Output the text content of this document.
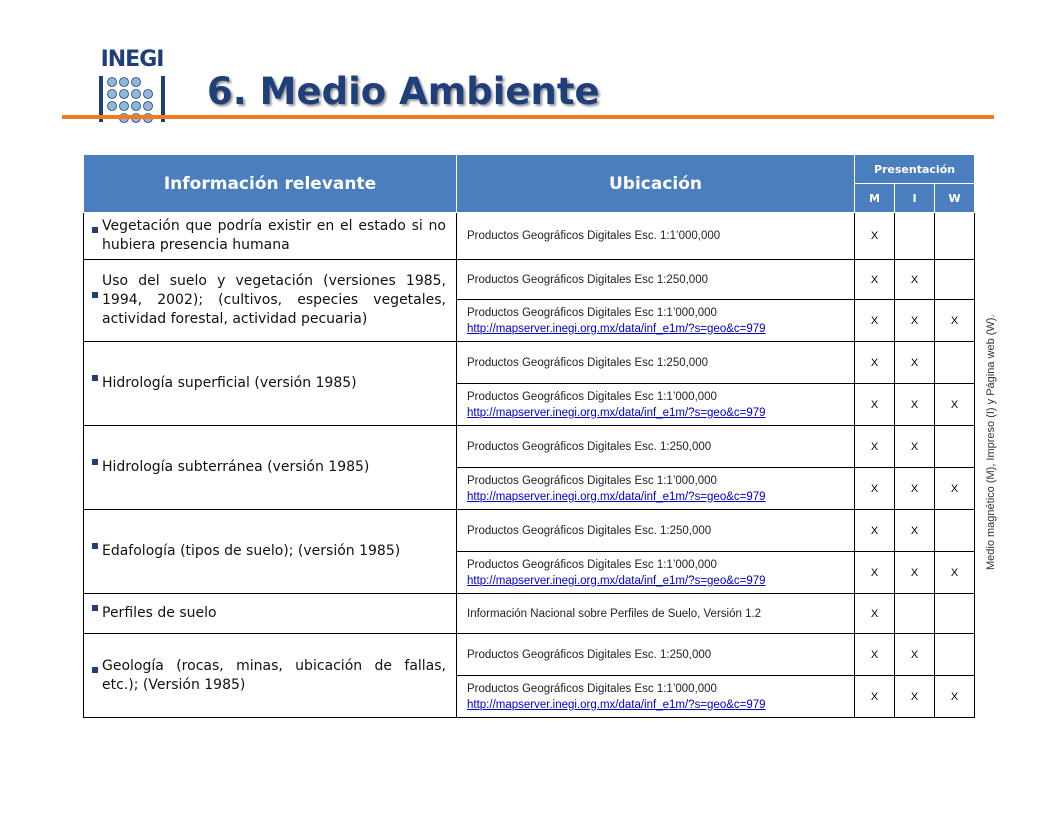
INEGI
6. Medio Ambiente
Información relevante	Ubicación	Presentación		
		M	I	W

Vegetación que podría existir en el estado si no hubiera presencia humana	Productos Geográficos Digitales Esc. 1:1’000,000	X		

Uso del suelo y vegetación (versiones 1985, 1994, 2002); (cultivos, especies vegetales, actividad forestal, actividad pecuaria)	Productos Geográficos Digitales Esc 1:250,000	X	X	

	Productos Geográficos Digitales Esc 1:1’000,000
http://mapserver.inegi.org.mx/data/inf_e1m/?s=geo&c=979	X	X	X

Hidrología superficial (versión 1985)	Productos Geográficos Digitales Esc 1:250,000	X	X	

	Productos Geográficos Digitales Esc 1:1’000,000
http://mapserver.inegi.org.mx/data/inf_e1m/?s=geo&c=979	X	X	X

Hidrología subterránea (versión 1985)	Productos Geográficos Digitales Esc. 1:250,000	X	X	

	Productos Geográficos Digitales Esc 1:1’000,000
http://mapserver.inegi.org.mx/data/inf_e1m/?s=geo&c=979	X	X	X

Edafología (tipos de suelo); (versión 1985)	Productos Geográficos Digitales Esc. 1:250,000	X	X	

	Productos Geográficos Digitales Esc 1:1’000,000
http://mapserver.inegi.org.mx/data/inf_e1m/?s=geo&c=979	X	X	X

Perfiles de suelo	Información Nacional sobre Perfiles de Suelo, Versión 1.2	X		

Geología (rocas, minas, ubicación de fallas, etc.); (Versión 1985)	Productos Geográficos Digitales Esc. 1:250,000	X	X	

	Productos Geográficos Digitales Esc 1:1’000,000
http://mapserver.inegi.org.mx/data/inf_e1m/?s=geo&c=979	X	X	X
Medio magnético (M), Impreso (I) y Página web (W).
